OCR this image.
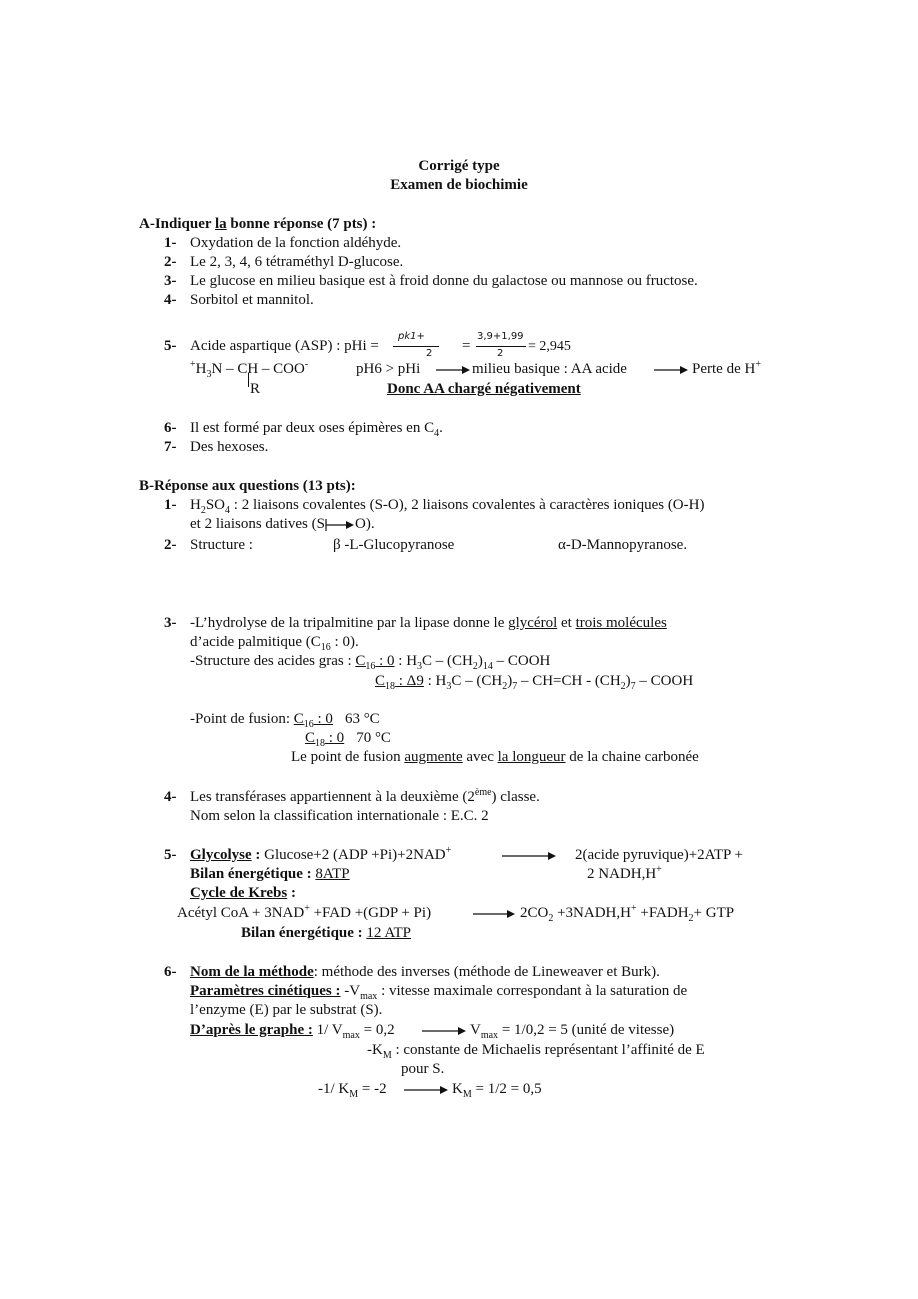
Corrigé type
Examen de biochimie
A-Indiquer la bonne réponse (7 pts) :
1- Oxydation de la fonction aldéhyde.
2- Le 2, 3, 4, 6 tétraméthyl D-glucose.
3- Le glucose en milieu basique est à froid donne du galactose ou mannose ou fructose.
4- Sorbitol et mannitol.
5- Acide aspartique (ASP) : pHi =
pk1+
2 =
3,9+1,99
2 = 2,945
$^+H_3N$ – CH – COO-
R
pH6 > pHi	milieu basique : AA acide	Perte de H+
Donc AA chargé négativement
6- Il est formé par deux oses épimères en $C_4$.
7- Des hexoses.
B-Réponse aux questions (13 pts):
1- $H_2SO_4$ : 2 liaisons covalentes (S-O), 2 liaisons covalentes à caractères ioniques (O-H)
et 2 liaisons datives (S O).
2- Structure :	β -L-Glucopyranose	α-D-Mannopyranose.
3- -L’hydrolyse de la tripalmitine par la lipase donne le glycérol et trois molécules
d’acide palmitique ($C_{16}$ : 0).
-Structure des acides gras : $C_{16}$ : 0 : $H_3C - (CH_2)_{14}$ – COOH
$C_{18}$ : Δ9 : $H_3C - (CH_2)_7 - CH=CH - (CH_2)_7$ – COOH
-Point de fusion: $C_{16}$ : 0 63 °C
$C_{18}$ : 0 70 °C
Le point de fusion augmente avec la longueur de la chaine carbonée
4- Les transférases appartiennent à la deuxième (2ème) classe.
Nom selon la classification internationale : E.C. 2
5- Glycolyse : Glucose+2 (ADP +Pi)+2NAD+	2(acide pyruvique)+2ATP +
2 NADH,H+
Bilan énergétique : 8ATP
Cycle de Krebs :
Acétyl CoA + 3NAD+ +FAD +(GDP + Pi)	$2CO_2$ +3NADH,H+ $+FADH_2+$ GTP
Bilan énergétique : 12 ATP
6- Nom de la méthode: méthode des inverses (méthode de Lineweaver et Burk).
Paramètres cinétiques : $-V_{max}$ : vitesse maximale correspondant à la saturation de
l’enzyme (E) par le substrat (S).
D’après le graphe : 1/ $V_{max} = 0,2$	$V_{max} = 1/0,2 = 5$ (unité de vitesse)
$-K_M$ : constante de Michaelis représentant l’affinité de E
pour S.
-1/ $K_M = -2$	$K_M = 1/2 = 0,5$
